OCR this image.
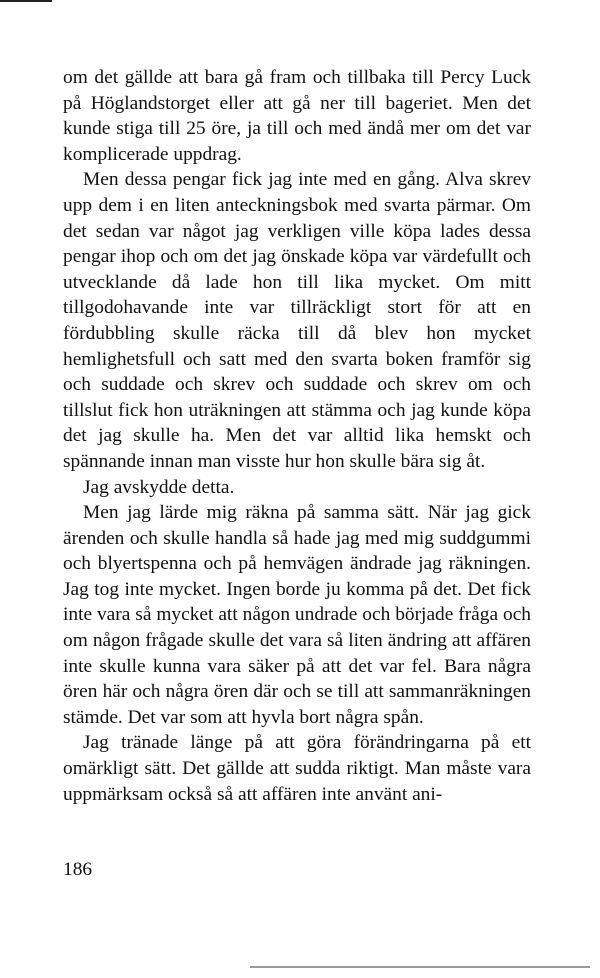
om det gällde att bara gå fram och tillbaka till Percy Luck på Höglandstorget eller att gå ner till bageriet. Men det kunde stiga till 25 öre, ja till och med ändå mer om det var komplicerade uppdrag.

Men dessa pengar fick jag inte med en gång. Alva skrev upp dem i en liten anteckningsbok med svarta pärmar. Om det sedan var något jag verkligen ville köpa lades dessa pengar ihop och om det jag önskade köpa var värdefullt och utvecklande då lade hon till lika mycket. Om mitt tillgodohavande inte var tillräckligt stort för att en fördubbling skulle räcka till då blev hon mycket hemlighetsfull och satt med den svarta boken framför sig och suddade och skrev och suddade och skrev om och tillslut fick hon uträkningen att stämma och jag kunde köpa det jag skulle ha. Men det var alltid lika hemskt och spännande innan man visste hur hon skulle bära sig åt.

Jag avskydde detta.

Men jag lärde mig räkna på samma sätt. När jag gick ärenden och skulle handla så hade jag med mig suddgummi och blyertspenna och på hemvägen ändrade jag räkningen. Jag tog inte mycket. Ingen borde ju komma på det. Det fick inte vara så mycket att någon undrade och började fråga och om någon frågade skulle det vara så liten ändring att affären inte skulle kunna vara säker på att det var fel. Bara några ören här och några ören där och se till att sammanräkningen stämde. Det var som att hyvla bort några spån.

Jag tränade länge på att göra förändringarna på ett omärkligt sätt. Det gällde att sudda riktigt. Man måste vara uppmärksam också så att affären inte använt ani-

186
